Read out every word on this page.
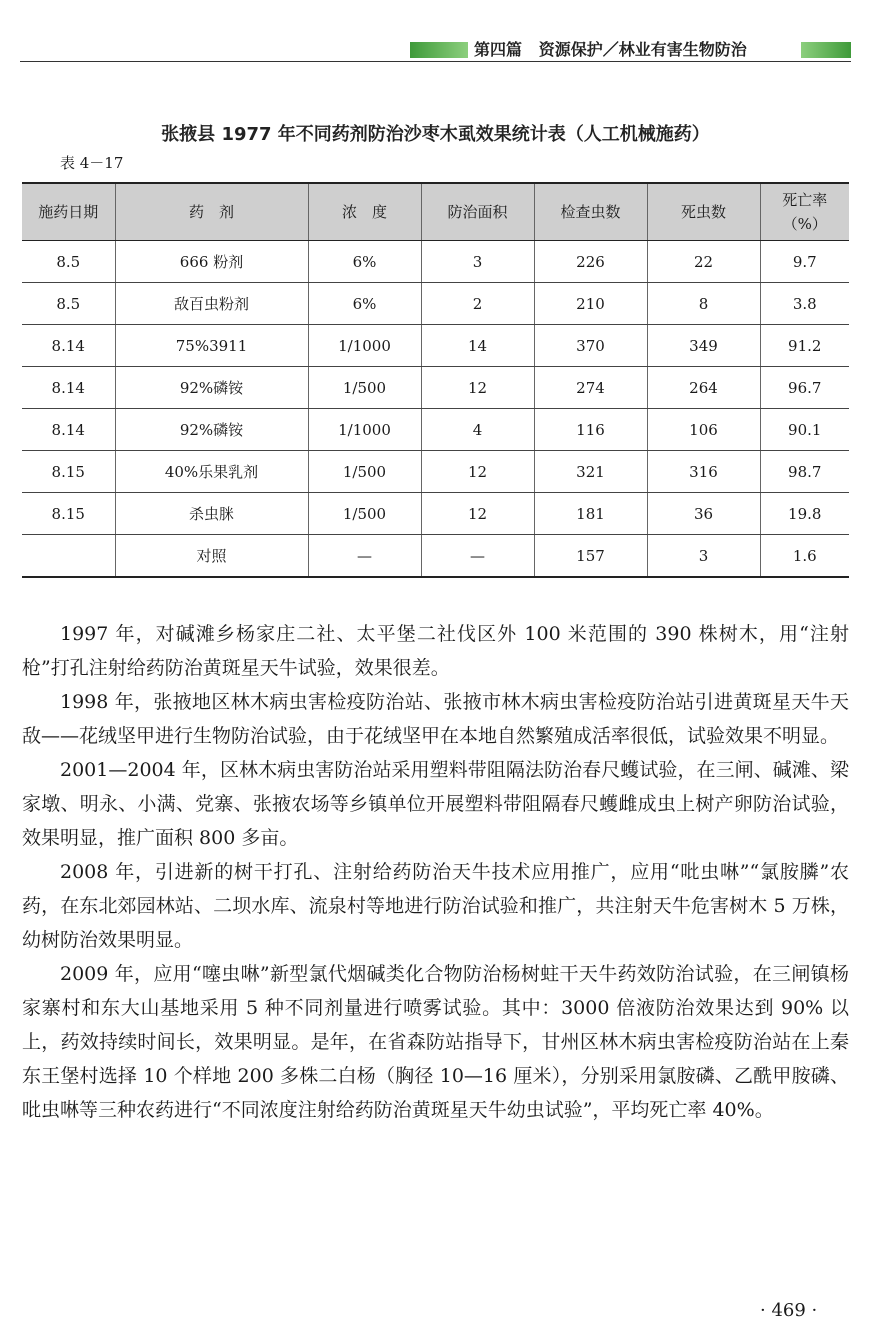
第四篇 资源保护／林业有害生物防治
张掖县 1977 年不同药剂防治沙枣木虱效果统计表（人工机械施药）
表 4－17
施药日期	药　剂	浓　度	防治面积	检查虫数	死虫数	死亡率
（%）
8.5	666 粉剂	6%	3	226	22	9.7
8.5	敌百虫粉剂	6%	2	210	8	3.8
8.14	75%3911	1/1000	14	370	349	91.2
8.14	92%磷铵	1/500	12	274	264	96.7
8.14	92%磷铵	1/1000	4	116	106	90.1
8.15	40%乐果乳剂	1/500	12	321	316	98.7
8.15	杀虫脒	1/500	12	181	36	19.8
	对照	—	—	157	3	1.6

1997 年，对碱滩乡杨家庄二社、太平堡二社伐区外 100 米范围的 390 株树木，用“注射枪”打孔注射给药防治黄斑星天牛试验，效果很差。

1998 年，张掖地区林木病虫害检疫防治站、张掖市林木病虫害检疫防治站引进黄斑星天牛天敌——花绒坚甲进行生物防治试验，由于花绒坚甲在本地自然繁殖成活率很低，试验效果不明显。

2001—2004 年，区林木病虫害防治站采用塑料带阻隔法防治春尺蠖试验，在三闸、碱滩、梁家墩、明永、小满、党寨、张掖农场等乡镇单位开展塑料带阻隔春尺蠖雌成虫上树产卵防治试验，效果明显，推广面积 800 多亩。

2008 年，引进新的树干打孔、注射给药防治天牛技术应用推广，应用“吡虫啉”“氯胺膦”农药，在东北郊园林站、二坝水库、流泉村等地进行防治试验和推广，共注射天牛危害树木 5 万株，幼树防治效果明显。

2009 年，应用“噻虫啉”新型氯代烟碱类化合物防治杨树蛀干天牛药效防治试验，在三闸镇杨家寨村和东大山基地采用 5 种不同剂量进行喷雾试验。其中：3000 倍液防治效果达到 90% 以上，药效持续时间长，效果明显。是年，在省森防站指导下，甘州区林木病虫害检疫防治站在上秦东王堡村选择 10 个样地 200 多株二白杨（胸径 10—16 厘米），分别采用氯胺磷、乙酰甲胺磷、吡虫啉等三种农药进行“不同浓度注射给药防治黄斑星天牛幼虫试验”，平均死亡率 40%。

· 469 ·
